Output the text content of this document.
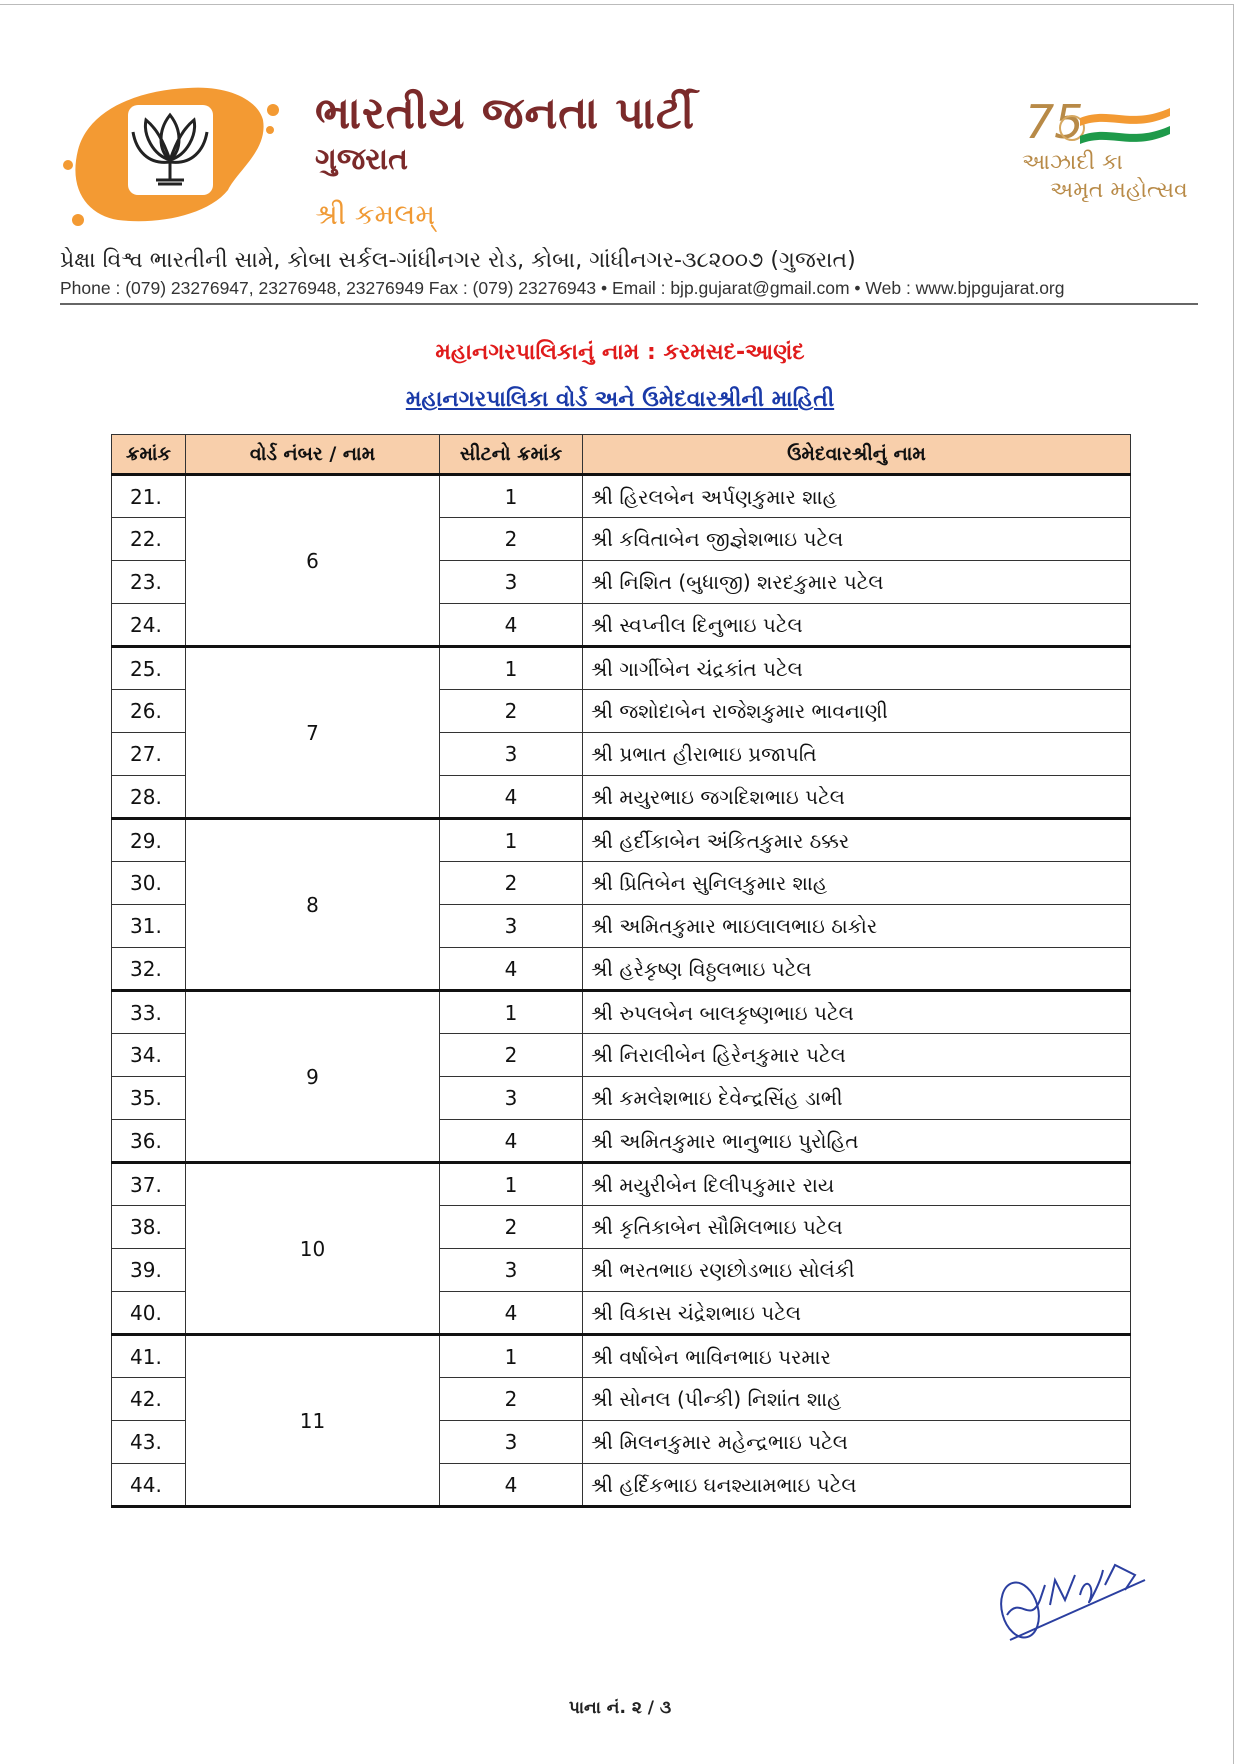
ભારતીય જનતા પાર્ટી
ગુજરાત
શ્રી કમલમ્
75
આઝાદી કા
અમૃત મહોત્સવ
પ્રેક્ષા વિશ્વ ભારતીની સામે, કોબા સર્કલ-ગાંધીનગર રોડ, કોબા, ગાંધીનગર-૩૮૨૦૦૭ (ગુજરાત)
Phone : (079) 23276947, 23276948, 23276949 Fax : (079) 23276943 • Email : bjp.gujarat@gmail.com • Web : www.bjpgujarat.org
મહાનગરપાલિકાનું નામ : કરમસદ-આણંદ
મહાનગરપાલિકા વોર્ડ અને ઉમેદવારશ્રીની માહિતી
ક્રમાંક	વોર્ડ નંબર / નામ	સીટનો ક્રમાંક	ઉમેદવારશ્રીનું નામ
21.	6	1	શ્રી હિરલબેન અર્પણકુમાર શાહ
22.		2	શ્રી કવિતાબેન જીજ્ઞેશભાઇ પટેલ
23.		3	શ્રી નિશિત (બુધાજી) શરદકુમાર પટેલ
24.		4	શ્રી સ્વપ્નીલ દિનુભાઇ પટેલ
25.	7	1	શ્રી ગાર્ગીબેન ચંદ્રકાંત પટેલ
26.		2	શ્રી જશોદાબેન રાજેશકુમાર ભાવનાણી
27.		3	શ્રી પ્રભાત હીરાભાઇ પ્રજાપતિ
28.		4	શ્રી મયુરભાઇ જગદિશભાઇ પટેલ
29.	8	1	શ્રી હર્દીકાબેન અંકિતકુમાર ઠક્કર
30.		2	શ્રી પ્રિતિબેન સુનિલકુમાર શાહ
31.		3	શ્રી અમિતકુમાર ભાઇલાલભાઇ ઠાકોર
32.		4	શ્રી હરેકૃષ્ણ વિઠ્ઠલભાઇ પટેલ
33.	9	1	શ્રી રુપલબેન બાલકૃષ્ણભાઇ પટેલ
34.		2	શ્રી નિરાલીબેન હિરેનકુમાર પટેલ
35.		3	શ્રી કમલેશભાઇ દેવેન્દ્રસિંહ ડાભી
36.		4	શ્રી અમિતકુમાર ભાનુભાઇ પુરોહિત
37.	10	1	શ્રી મયુરીબેન દિલીપકુમાર રાય
38.		2	શ્રી કૃતિકાબેન સૌમિલભાઇ પટેલ
39.		3	શ્રી ભરતભાઇ રણછોડભાઇ સોલંકી
40.		4	શ્રી વિકાસ ચંદ્રેશભાઇ પટેલ
41.	11	1	શ્રી વર્ષાબેન ભાવિનભાઇ પરમાર
42.		2	શ્રી સોનલ (પીન્કી) નિશાંત શાહ
43.		3	શ્રી મિલનકુમાર મહેન્દ્રભાઇ પટેલ
44.		4	શ્રી હર્દિકભાઇ ઘનશ્યામભાઇ પટેલ
પાના નં. ૨ / ૩
